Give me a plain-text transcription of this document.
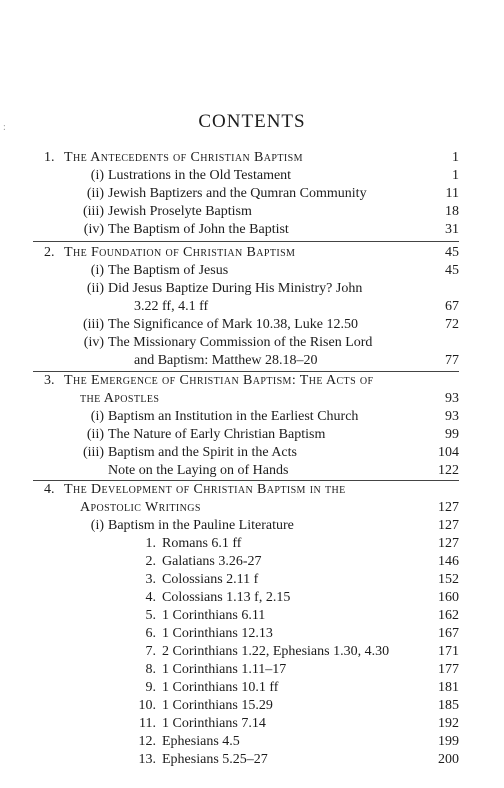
:	CONTENTS
1. The Antecedents of Christian Baptism	1
(i) Lustrations in the Old Testament	1
(ii) Jewish Baptizers and the Qumran Community	11
(iii) Jewish Proselyte Baptism	18
(iv) The Baptism of John the Baptist	31
2. The Foundation of Christian Baptism	45
(i) The Baptism of Jesus	45
(ii) Did Jesus Baptize During His Ministry? John
3.22 ff, 4.1 ff	67
(iii) The Significance of Mark 10.38, Luke 12.50	72
(iv) The Missionary Commission of the Risen Lord
and Baptism: Matthew 28.18–20	77
3. The Emergence of Christian Baptism: The Acts of
the Apostles	93
(i) Baptism an Institution in the Earliest Church	93
(ii) The Nature of Early Christian Baptism	99
(iii) Baptism and the Spirit in the Acts	104
Note on the Laying on of Hands	122
4. The Development of Christian Baptism in the
Apostolic Writings	127
(i) Baptism in the Pauline Literature	127
1. Romans 6.1 ff	127
2. Galatians 3.26-27	146
3. Colossians 2.11 f	152
4. Colossians 1.13 f, 2.15	160
5. 1 Corinthians 6.11	162
6. 1 Corinthians 12.13	167
7. 2 Corinthians 1.22, Ephesians 1.30, 4.30	171
8. 1 Corinthians 1.11–17	177
9. 1 Corinthians 10.1 ff	181
10. 1 Corinthians 15.29	185
11. 1 Corinthians 7.14	192
12. Ephesians 4.5	199
13. Ephesians 5.25–27	200
